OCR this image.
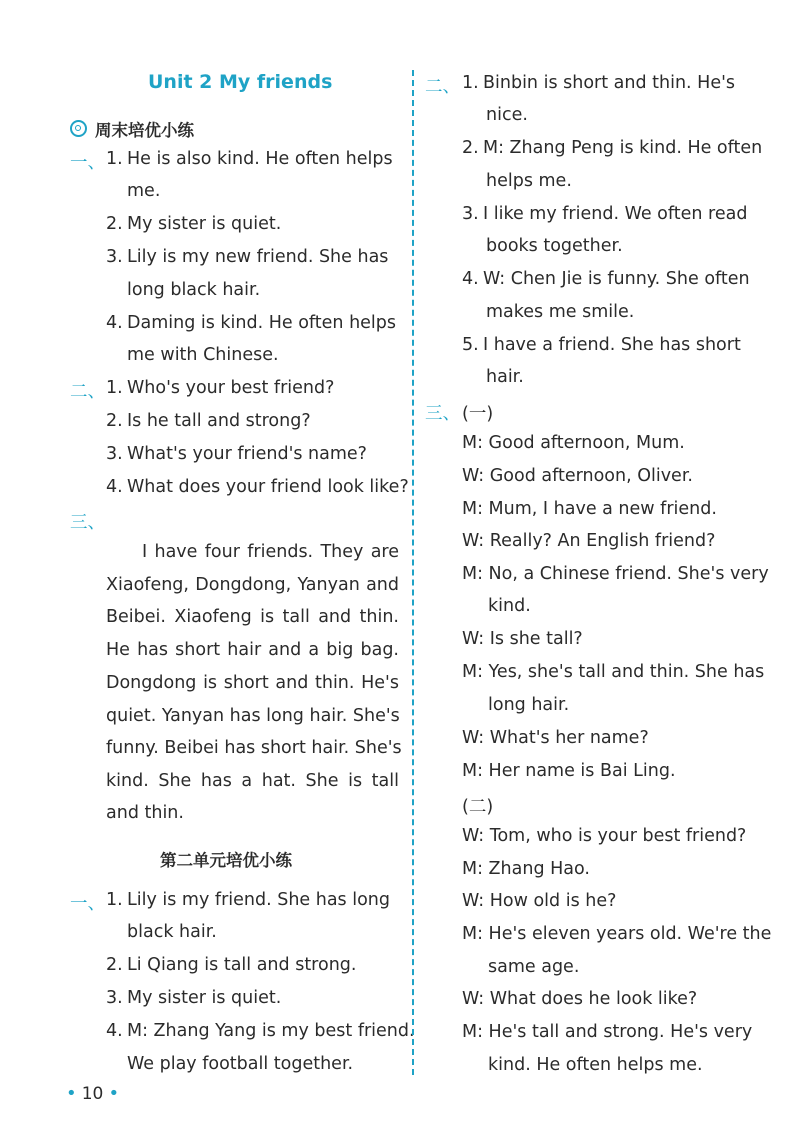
Unit 2 My friends
周末培优小练
一、 1. He is also kind. He often helps
me.
2. My sister is quiet.
3. Lily is my new friend. She has
long black hair.
4. Daming is kind. He often helps
me with Chinese.
二、 1. Who's your best friend?
2. Is he tall and strong?
3. What's your friend's name?
4. What does your friend look like?
三、
I have four friends. They are
Xiaofeng, Dongdong, Yanyan and
Beibei. Xiaofeng is tall and thin.
He has short hair and a big bag.
Dongdong is short and thin. He's
quiet. Yanyan has long hair. She's
funny. Beibei has short hair. She's
kind. She has a hat. She is tall
and thin.
第二单元培优小练
一、 1. Lily is my friend. She has long
black hair.
2. Li Qiang is tall and strong.
3. My sister is quiet.
4. M: Zhang Yang is my best friend.
We play football together.
二、 1. Binbin is short and thin. He's
nice.
2. M: Zhang Peng is kind. He often
helps me.
3. I like my friend. We often read
books together.
4. W: Chen Jie is funny. She often
makes me smile.
5. I have a friend. She has short
hair.
三、 (一)
M: Good afternoon, Mum.
W: Good afternoon, Oliver.
M: Mum, I have a new friend.
W: Really? An English friend?
M: No, a Chinese friend. She's very
kind.
W: Is she tall?
M: Yes, she's tall and thin. She has
long hair.
W: What's her name?
M: Her name is Bai Ling.
(二)
W: Tom, who is your best friend?
M: Zhang Hao.
W: How old is he?
M: He's eleven years old. We're the
same age.
W: What does he look like?
M: He's tall and strong. He's very
kind. He often helps me.
• 10 •
